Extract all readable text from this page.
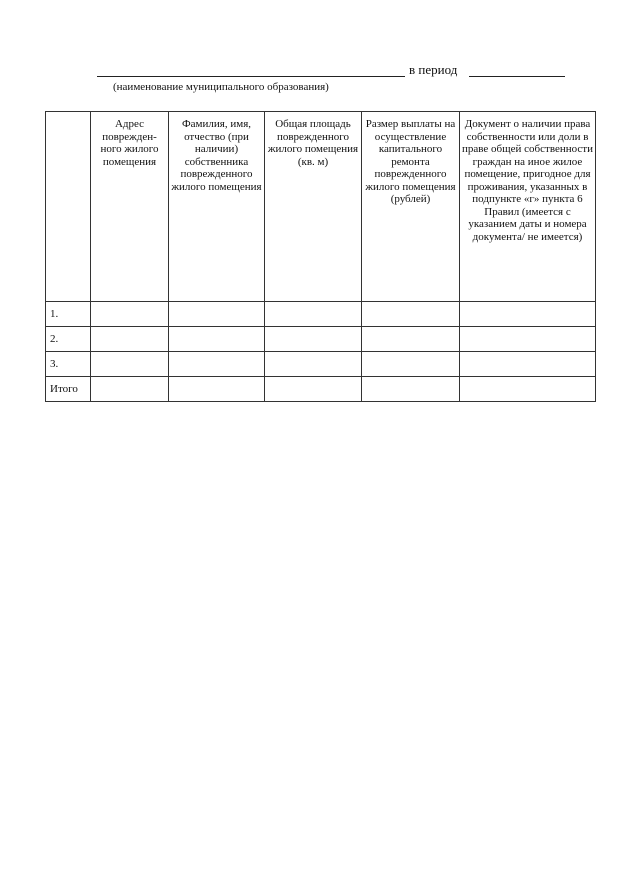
в период
(наименование муниципального образования)
	Адрес поврежден-ного жилого помещения	Фамилия, имя, отчество (при наличии) собственника поврежденного жилого помещения	Общая площадь поврежденного жилого помещения (кв. м)	Размер выплаты на осуществление капитального ремонта поврежденного жилого помещения (рублей)	Документ о наличии права собственности или доли в праве общей собственности граждан на иное жилое помещение, пригодное для проживания, указанных в подпункте «г» пункта 6 Правил (имеется с указанием даты и номера документа/ не имеется)
1.					
2.					
3.					
Итого					
